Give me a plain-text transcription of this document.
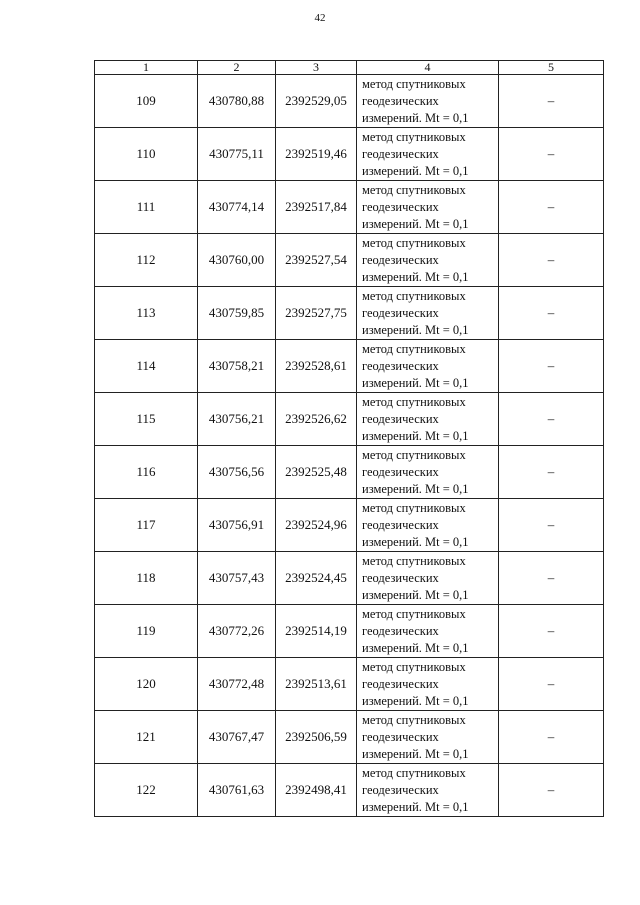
42
1	2	3	4	5
109	430780,88	2392529,05	метод спутниковых
геодезических
измерений. Mt = 0,1	–
110	430775,11	2392519,46	метод спутниковых
геодезических
измерений. Mt = 0,1	–
111	430774,14	2392517,84	метод спутниковых
геодезических
измерений. Mt = 0,1	–
112	430760,00	2392527,54	метод спутниковых
геодезических
измерений. Mt = 0,1	–
113	430759,85	2392527,75	метод спутниковых
геодезических
измерений. Mt = 0,1	–
114	430758,21	2392528,61	метод спутниковых
геодезических
измерений. Mt = 0,1	–
115	430756,21	2392526,62	метод спутниковых
геодезических
измерений. Mt = 0,1	–
116	430756,56	2392525,48	метод спутниковых
геодезических
измерений. Mt = 0,1	–
117	430756,91	2392524,96	метод спутниковых
геодезических
измерений. Mt = 0,1	–
118	430757,43	2392524,45	метод спутниковых
геодезических
измерений. Mt = 0,1	–
119	430772,26	2392514,19	метод спутниковых
геодезических
измерений. Mt = 0,1	–
120	430772,48	2392513,61	метод спутниковых
геодезических
измерений. Mt = 0,1	–
121	430767,47	2392506,59	метод спутниковых
геодезических
измерений. Mt = 0,1	–
122	430761,63	2392498,41	метод спутниковых
геодезических
измерений. Mt = 0,1	–
